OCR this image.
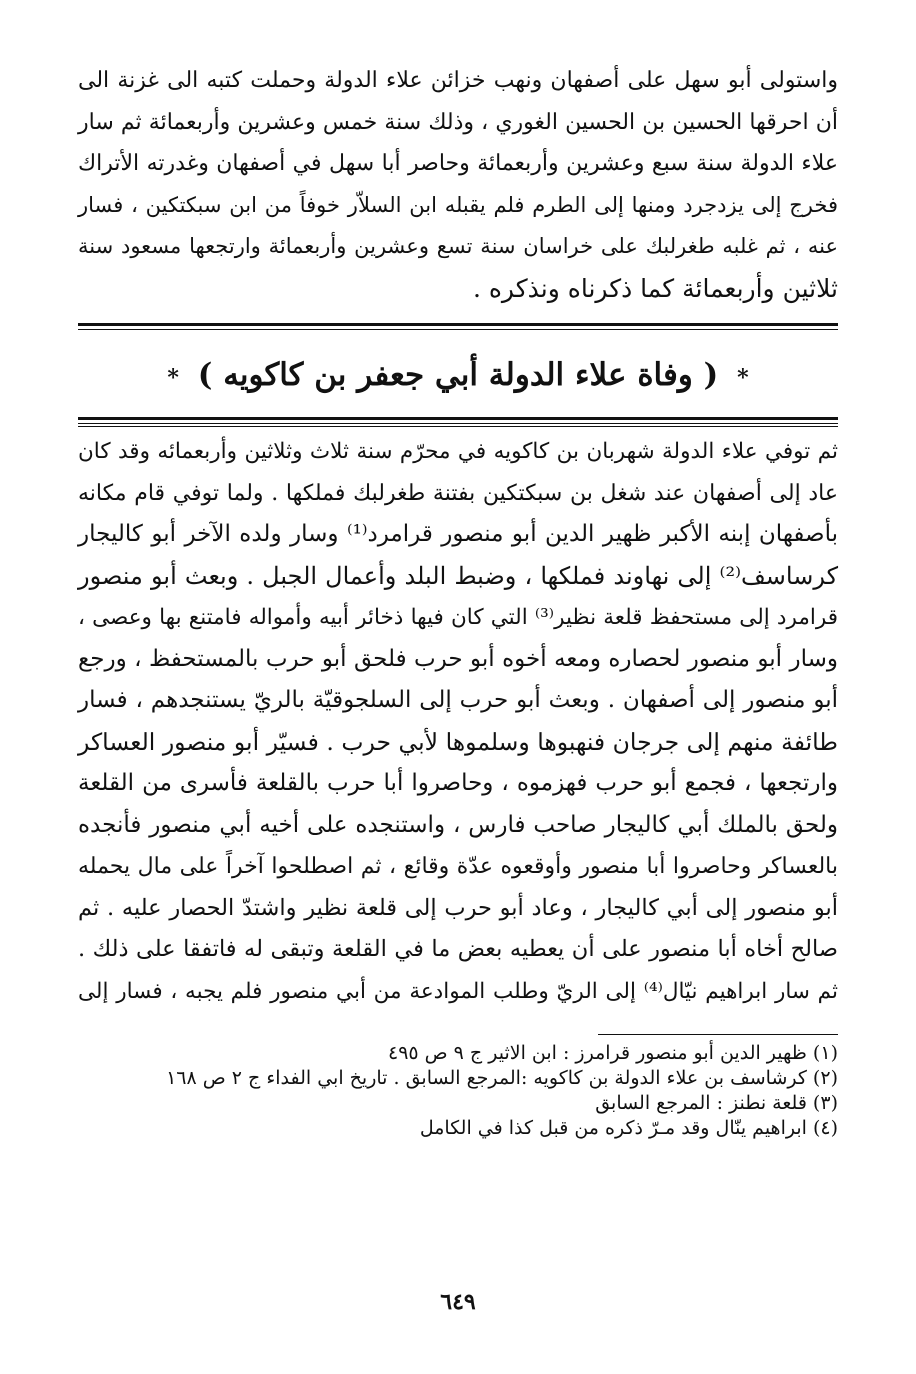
واستولى أبو سهل على أصفهان ونهب خزائن علاء الدولة وحملت كتبه الى غزنة الى
أن احرقها الحسين بن الحسين الغوري ، وذلك سنة خمس وعشرين وأربعمائة ثم سار
علاء الدولة سنة سبع وعشرين وأربعمائة وحاصر أبا سهل في أصفهان وغدرته الأتراك
فخرج إلى يزدجرد ومنها إلى الطرم فلم يقبله ابن السلاّر خوفاً من ابن سبكتكين ، فسار
عنه ، ثم غلبه طغرلبك على خراسان سنة تسع وعشرين وأربعمائة وارتجعها مسعود سنة
ثلاثين وأربعمائة كما ذكرناه ونذكره .
* ( وفاة علاء الدولة أبي جعفر بن كاكويه ) *
ثم توفي علاء الدولة شهربان بن كاكويه في محرّم سنة ثلاث وثلاثين وأربعمائه وقد كان
عاد إلى أصفهان عند شغل بن سبكتكين بفتنة طغرلبك فملكها . ولما توفي قام مكانه
بأصفهان إبنه الأكبر ظهير الدين أبو منصور قرامرد⁽¹⁾ وسار ولده الآخر أبو كاليجار
كرساسف⁽²⁾ إلى نهاوند فملكها ، وضبط البلد وأعمال الجبل . وبعث أبو منصور
قرامرد إلى مستحفظ قلعة نظير⁽³⁾ التي كان فيها ذخائر أبيه وأمواله فامتنع بها وعصى ،
وسار أبو منصور لحصاره ومعه أخوه أبو حرب فلحق أبو حرب بالمستحفظ ، ورجع
أبو منصور إلى أصفهان . وبعث أبو حرب إلى السلجوقيّة بالريّ يستنجدهم ، فسار
طائفة منهم إلى جرجان فنهبوها وسلموها لأبي حرب . فسيّر أبو منصور العساكر
وارتجعها ، فجمع أبو حرب فهزموه ، وحاصروا أبا حرب بالقلعة فأسرى من القلعة
ولحق بالملك أبي كاليجار صاحب فارس ، واستنجده على أخيه أبي منصور فأنجده
بالعساكر وحاصروا أبا منصور وأوقعوه عدّة وقائع ، ثم اصطلحوا آخراً على مال يحمله
أبو منصور إلى أبي كاليجار ، وعاد أبو حرب إلى قلعة نظير واشتدّ الحصار عليه . ثم
صالح أخاه أبا منصور على أن يعطيه بعض ما في القلعة وتبقى له فاتفقا على ذلك .
ثم سار ابراهيم نيّال⁽⁴⁾ إلى الريّ وطلب الموادعة من أبي منصور فلم يجبه ، فسار إلى
(١) ظهير الدين أبو منصور قرامرز : ابن الاثير ج ٩ ص ٤٩٥
(٢) كرشاسف بن علاء الدولة بن كاكويه :المرجع السابق . تاريخ ابي الفداء ج ٢ ص ١٦٨
(٣) قلعة نطنز : المرجع السابق
(٤) ابراهيم ينّال وقد مـرّ ذكره من قبل كذا في الكامل
٦٤٩
